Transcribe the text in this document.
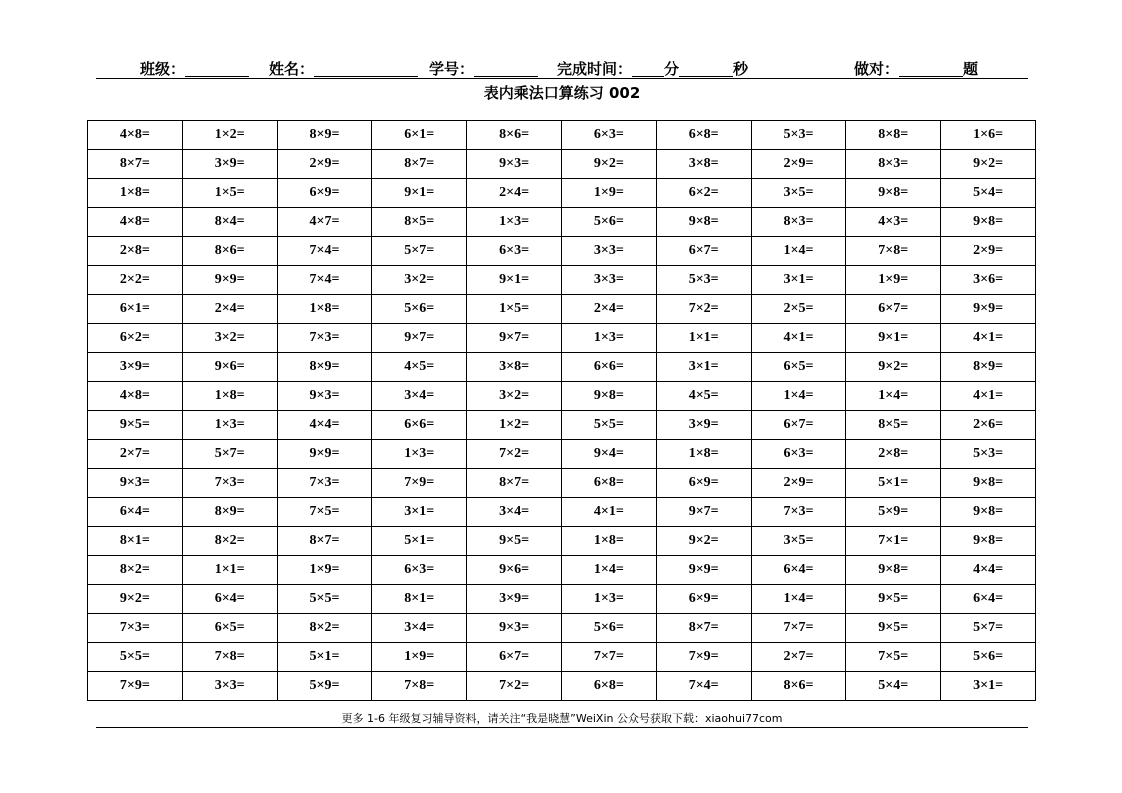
班级：	姓名：	学号：	完成时间： 分	秒	做对：	题
表内乘法口算练习 002
4×8=	1×2=	8×9=	6×1=	8×6=	6×3=	6×8=	5×3=	8×8=	1×6=
8×7=	3×9=	2×9=	8×7=	9×3=	9×2=	3×8=	2×9=	8×3=	9×2=
1×8=	1×5=	6×9=	9×1=	2×4=	1×9=	6×2=	3×5=	9×8=	5×4=
4×8=	8×4=	4×7=	8×5=	1×3=	5×6=	9×8=	8×3=	4×3=	9×8=
2×8=	8×6=	7×4=	5×7=	6×3=	3×3=	6×7=	1×4=	7×8=	2×9=
2×2=	9×9=	7×4=	3×2=	9×1=	3×3=	5×3=	3×1=	1×9=	3×6=
6×1=	2×4=	1×8=	5×6=	1×5=	2×4=	7×2=	2×5=	6×7=	9×9=
6×2=	3×2=	7×3=	9×7=	9×7=	1×3=	1×1=	4×1=	9×1=	4×1=
3×9=	9×6=	8×9=	4×5=	3×8=	6×6=	3×1=	6×5=	9×2=	8×9=
4×8=	1×8=	9×3=	3×4=	3×2=	9×8=	4×5=	1×4=	1×4=	4×1=
9×5=	1×3=	4×4=	6×6=	1×2=	5×5=	3×9=	6×7=	8×5=	2×6=
2×7=	5×7=	9×9=	1×3=	7×2=	9×4=	1×8=	6×3=	2×8=	5×3=
9×3=	7×3=	7×3=	7×9=	8×7=	6×8=	6×9=	2×9=	5×1=	9×8=
6×4=	8×9=	7×5=	3×1=	3×4=	4×1=	9×7=	7×3=	5×9=	9×8=
8×1=	8×2=	8×7=	5×1=	9×5=	1×8=	9×2=	3×5=	7×1=	9×8=
8×2=	1×1=	1×9=	6×3=	9×6=	1×4=	9×9=	6×4=	9×8=	4×4=
9×2=	6×4=	5×5=	8×1=	3×9=	1×3=	6×9=	1×4=	9×5=	6×4=
7×3=	6×5=	8×2=	3×4=	9×3=	5×6=	8×7=	7×7=	9×5=	5×7=
5×5=	7×8=	5×1=	1×9=	6×7=	7×7=	7×9=	2×7=	7×5=	5×6=
7×9=	3×3=	5×9=	7×8=	7×2=	6×8=	7×4=	8×6=	5×4=	3×1=
更多 1-6 年级复习辅导资料，请关注“我是晓慧”WeiXin 公众号获取下载：xiaohui77com
